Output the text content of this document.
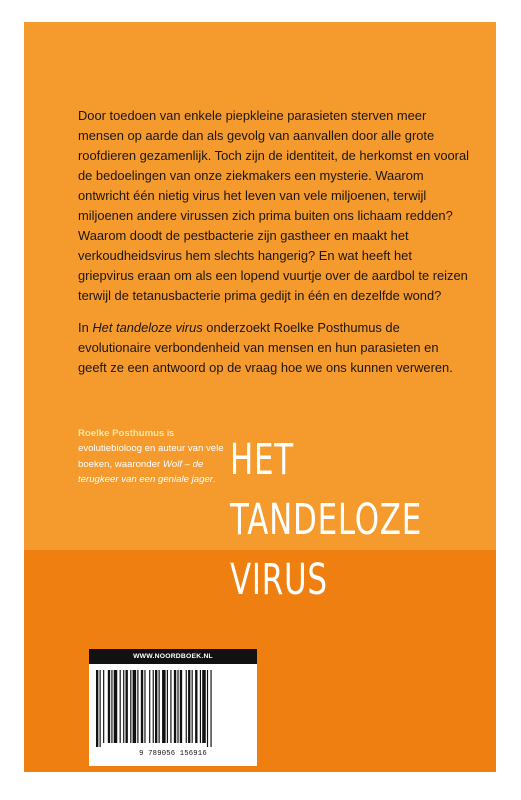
Door toedoen van enkele piepkleine parasieten sterven meer mensen op aarde dan als gevolg van aanvallen door alle grote roofdieren gezamenlijk. Toch zijn de identiteit, de herkomst en vooral de bedoelingen van onze ziekmakers een mysterie. Waarom ontwricht één nietig virus het leven van vele miljoenen, terwijl miljoenen andere virussen zich prima buiten ons lichaam redden? Waarom doodt de pestbacterie zijn gastheer en maakt het verkoudheidsvirus hem slechts hangerig? En wat heeft het griepvirus eraan om als een lopend vuurtje over de aardbol te reizen terwijl de tetanusbacterie prima gedijt in één en dezelfde wond?

In Het tandeloze virus onderzoekt Roelke Posthumus de evolutionaire verbondenheid van mensen en hun parasieten en geeft ze een antwoord op de vraag hoe we ons kunnen verweren.

Roelke Posthumus is evolutiebioloog en auteur van vele boeken, waaronder Wolf – de terugkeer van een geniale jager. HET
TANDELOZE
VIRUS
WWW.NOORDBOEK.NL
9 789056 156916
